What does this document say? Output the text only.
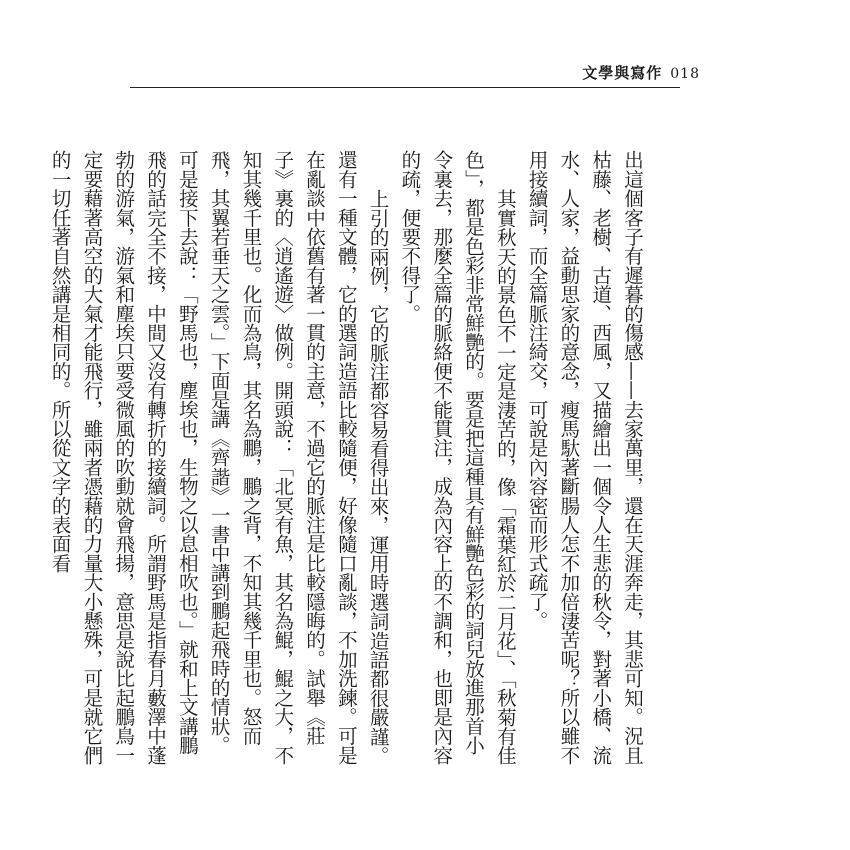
文學與寫作 018

出這個客子有遲暮的傷感——去家萬里，還在天涯奔走，其悲可知。況且枯藤、老樹、古道、西風，又描繪出一個令人生悲的秋令，對著小橋、流水、人家，益動思家的意念，瘦馬馱著斷腸人怎不加倍淒苦呢？所以雖不用接續詞，而全篇脈注綺交，可說是內容密而形式疏了。

其實秋天的景色不一定是淒苦的，像「霜葉紅於二月花」、「秋菊有佳色」，都是色彩非常鮮艷的。要是把這種具有鮮艷色彩的詞兒放進那首小令裏去，那麼全篇的脈絡便不能貫注，成為內容上的不調和，也即是內容的疏，便要不得了。

上引的兩例，它的脈注都容易看得出來，運用時選詞造語都很嚴謹。還有一種文體，它的選詞造語比較隨便，好像隨口亂談，不加洗鍊。可是在亂談中依舊有著一貫的主意，不過它的脈注是比較隱晦的。試舉《莊子》裏的〈逍遙遊〉做例。開頭說：「北冥有魚，其名為鯤，鯤之大，不知其幾千里也。化而為鳥，其名為鵬，鵬之背，不知其幾千里也。怒而飛，其翼若垂天之雲。」下面是講《齊諧》一書中講到鵬起飛時的情狀。可是接下去說：「野馬也，塵埃也，生物之以息相吹也。」就和上文講鵬飛的話完全不接，中間又沒有轉折的接續詞。所謂野馬是指春月藪澤中蓬勃的游氣，游氣和塵埃只要受微風的吹動就會飛揚，意思是說比起鵬鳥一定要藉著高空的大氣才能飛行，雖兩者憑藉的力量大小懸殊，可是就它們的一切任著自然講是相同的。所以從文字的表面看
